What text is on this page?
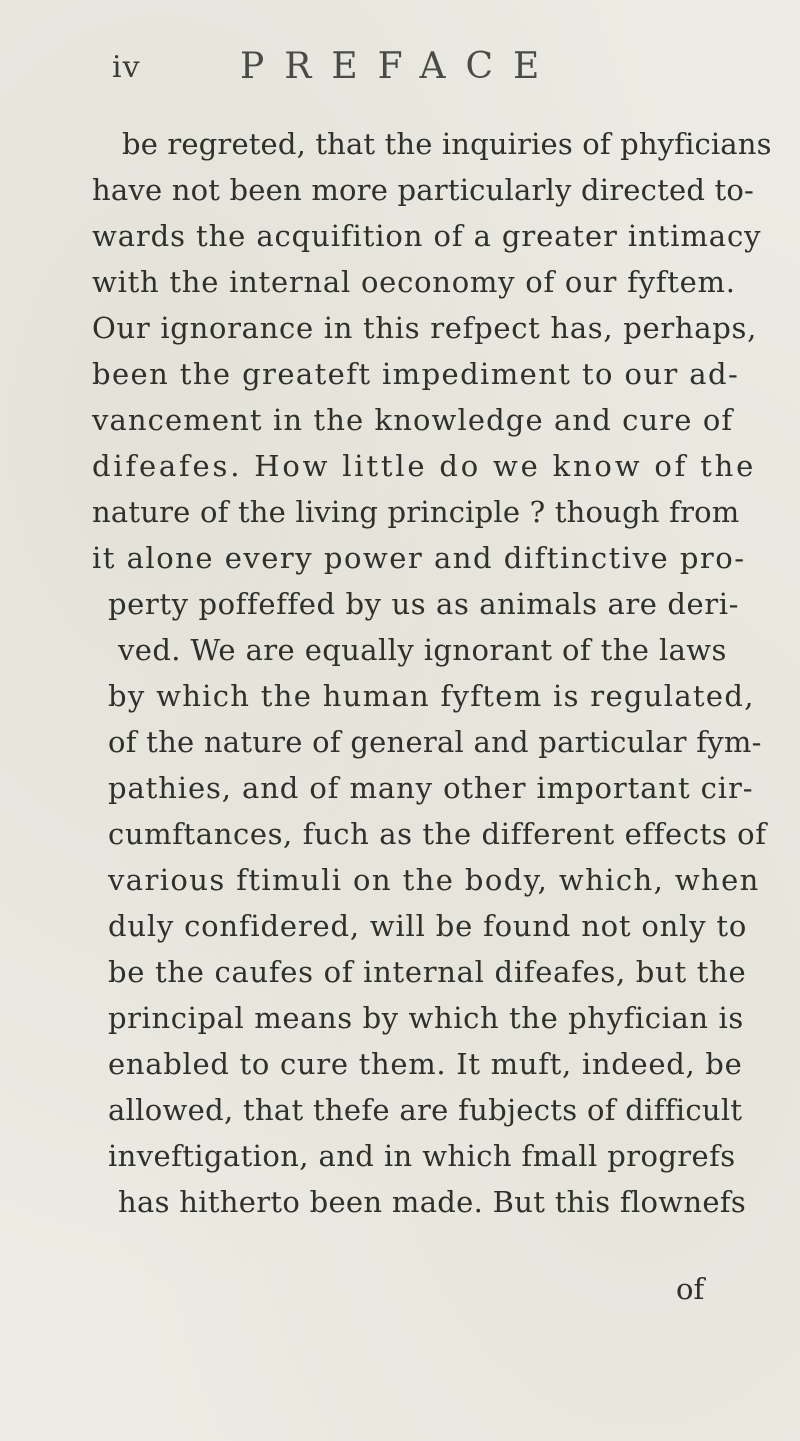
iv	PREFACE
be regreted, that the inquiries of phyficians
have not been more particularly directed to-
wards the acquifition of a greater intimacy
with the internal oeconomy of our fyftem.
Our ignorance in this refpect has, perhaps,
been the greateft impediment to our ad-
vancement in the knowledge and cure of
difeafes. How little do we know of the
nature of the living principle ? though from
it alone every power and diftinctive pro-
perty poffeffed by us as animals are deri-
ved. We are equally ignorant of the laws
by which the human fyftem is regulated,
of the nature of general and particular fym-
pathies, and of many other important cir-
cumftances, fuch as the different effects of
various ftimuli on the body, which, when
duly confidered, will be found not only to
be the caufes of internal difeafes, but the
principal means by which the phyfician is
enabled to cure them. It muft, indeed, be
allowed, that thefe are fubjects of difficult
inveftigation, and in which fmall progrefs
has hitherto been made. But this flownefs
of
